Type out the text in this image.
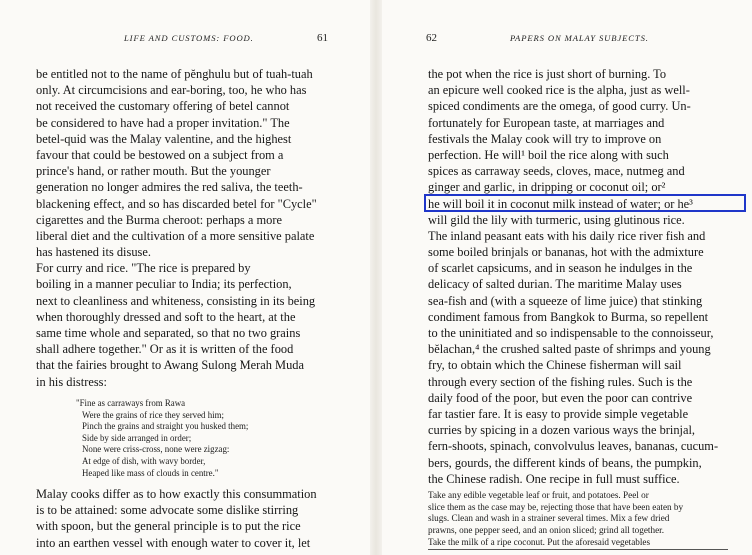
LIFE AND CUSTOMS: FOOD.	61
be entitled not to the name of pĕnghulu but of tuah-tuah
only. At circumcisions and ear-boring, too, he who has
not received the customary offering of betel cannot
be considered to have had a proper invitation." The
betel-quid was the Malay valentine, and the highest
favour that could be bestowed on a subject from a
prince's hand, or rather mouth. But the younger
generation no longer admires the red saliva, the teeth-
blackening effect, and so has discarded betel for "Cycle"
cigarettes and the Burma cheroot: perhaps a more
liberal diet and the cultivation of a more sensitive palate
has hastened its disuse.
For curry and rice. "The rice is prepared by
boiling in a manner peculiar to India; its perfection,
next to cleanliness and whiteness, consisting in its being
when thoroughly dressed and soft to the heart, at the
same time whole and separated, so that no two grains
shall adhere together." Or as it is written of the food
that the fairies brought to Awang Sulong Merah Muda
in his distress:
"Fine as carraways from Rawa
Were the grains of rice they served him;
Pinch the grains and straight you husked them;
Side by side arranged in order;
None were criss-cross, none were zigzag:
At edge of dish, with wavy border,
Heaped like mass of clouds in centre."
Malay cooks differ as to how exactly this consummation
is to be attained: some advocate some dislike stirring
with spoon, but the general principle is to put the rice
into an earthen vessel with enough water to cover it, let
62	PAPERS ON MALAY SUBJECTS.
the pot when the rice is just short of burning. To
an epicure well cooked rice is the alpha, just as well-
spiced condiments are the omega, of good curry. Un-
fortunately for European taste, at marriages and
festivals the Malay cook will try to improve on
perfection. He will¹ boil the rice along with such
spices as carraway seeds, cloves, mace, nutmeg and
ginger and garlic, in dripping or coconut oil; or²
he will boil it in coconut milk instead of water; or he³
will gild the lily with turmeric, using glutinous rice.
The inland peasant eats with his daily rice river fish and
some boiled brinjals or bananas, hot with the admixture
of scarlet capsicums, and in season he indulges in the
delicacy of salted durian. The maritime Malay uses
sea-fish and (with a squeeze of lime juice) that stinking
condiment famous from Bangkok to Burma, so repellent
to the uninitiated and so indispensable to the connoisseur,
bĕlachan,⁴ the crushed salted paste of shrimps and young
fry, to obtain which the Chinese fisherman will sail
through every section of the fishing rules. Such is the
daily food of the poor, but even the poor can contrive
far tastier fare. It is easy to provide simple vegetable
curries by spicing in a dozen various ways the brinjal,
fern-shoots, spinach, convolvulus leaves, bananas, cucum-
bers, gourds, the different kinds of beans, the pumpkin,
the Chinese radish. One recipe in full must suffice.
Take any edible vegetable leaf or fruit, and potatoes. Peel or
slice them as the case may be, rejecting those that have been eaten by
slugs. Clean and wash in a strainer several times. Mix a few dried
prawns, one pepper seed, and an onion sliced; grind all together.
Take the milk of a ripe coconut. Put the aforesaid vegetables
